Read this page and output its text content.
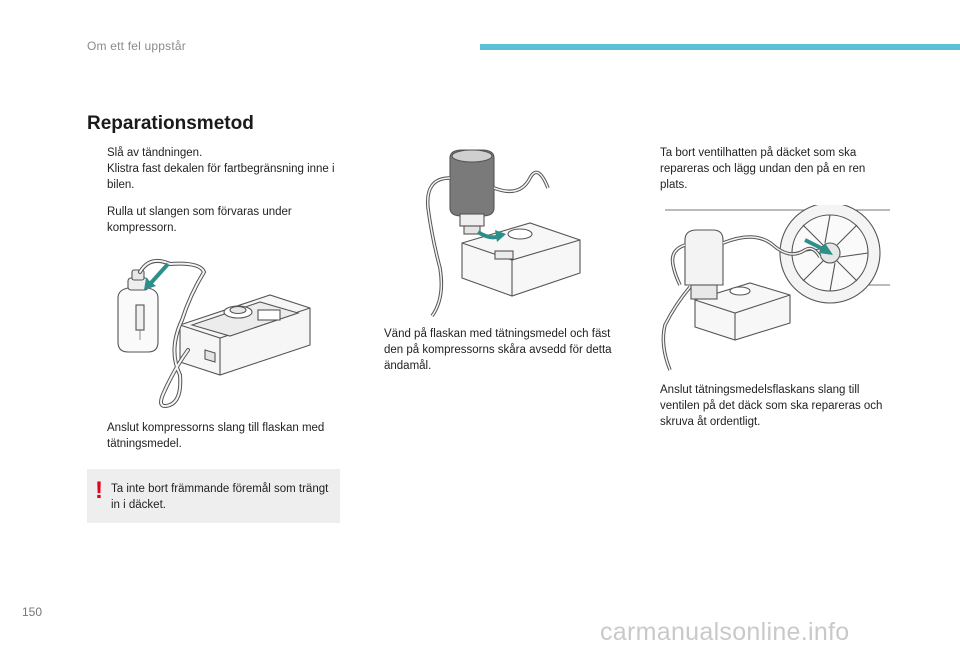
Om ett fel uppstår
Reparationsmetod
Slå av tändningen.
Klistra fast dekalen för fartbegränsning inne i bilen.
Rulla ut slangen som förvaras under kompressorn.
Anslut kompressorns slang till flaskan med tätningsmedel.
! Ta inte bort främmande föremål som trängt in i däcket.
Vänd på flaskan med tätningsmedel och fäst den på kompressorns skåra avsedd för detta ändamål.
Ta bort ventilhatten på däcket som ska repareras och lägg undan den på en ren plats.
Anslut tätningsmedelsflaskans slang till ventilen på det däck som ska repareras och skruva åt ordentligt.
150
carmanualsonline.info
